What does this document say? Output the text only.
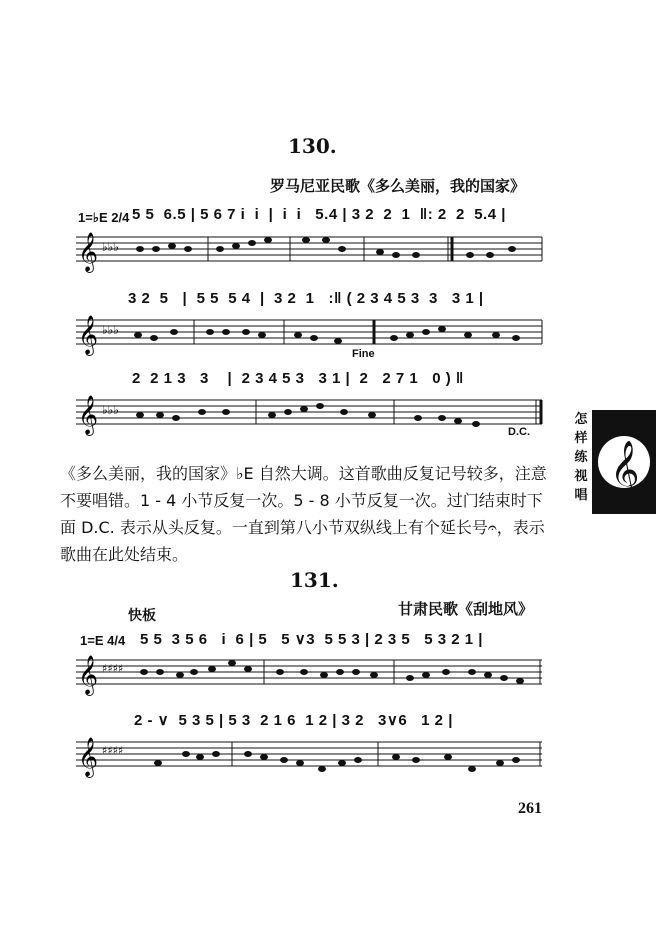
130.
罗马尼亚民歌《多么美丽，我的国家》
1=♭E 2/4 5 5  6.5 | 5 6 7 i  i  |  i  i   5.4 | 3 2  2  1  ‖: 2  2  5.4 |
𝄞 ♭♭♭
3 2  5   |  5 5  5 4  |  3 2  1   :‖ ( 2 3 4 5 3  3   3 1 |
𝄞 ♭♭♭
Fine
2  2 1 3   3    |  2 3 4 5 3   3 1 |  2   2 7 1   0 ) ‖
𝄞 ♭♭♭
D.C.
怎样练视唱 𝄞
《多么美丽，我的国家》♭E 自然大调。这首歌曲反复记号较多，注意不要唱错。1 - 4 小节反复一次。5 - 8 小节反复一次。过门结束时下面 D.C. 表示从头反复。一直到第八小节双纵线上有个延长号𝄐，表示歌曲在此处结束。
131.
快板	甘肃民歌《刮地风》
1=E 4/4 5 5  3 5 6   i  6 | 5   5 ∨3  5 5 3 | 2 3 5   5 3 2 1 |
𝄞 ♯♯♯♯
2 - ∨  5 3 5 | 5 3  2 1 6  1 2 | 3 2   3∨6   1 2 |
𝄞 ♯♯♯♯
261
